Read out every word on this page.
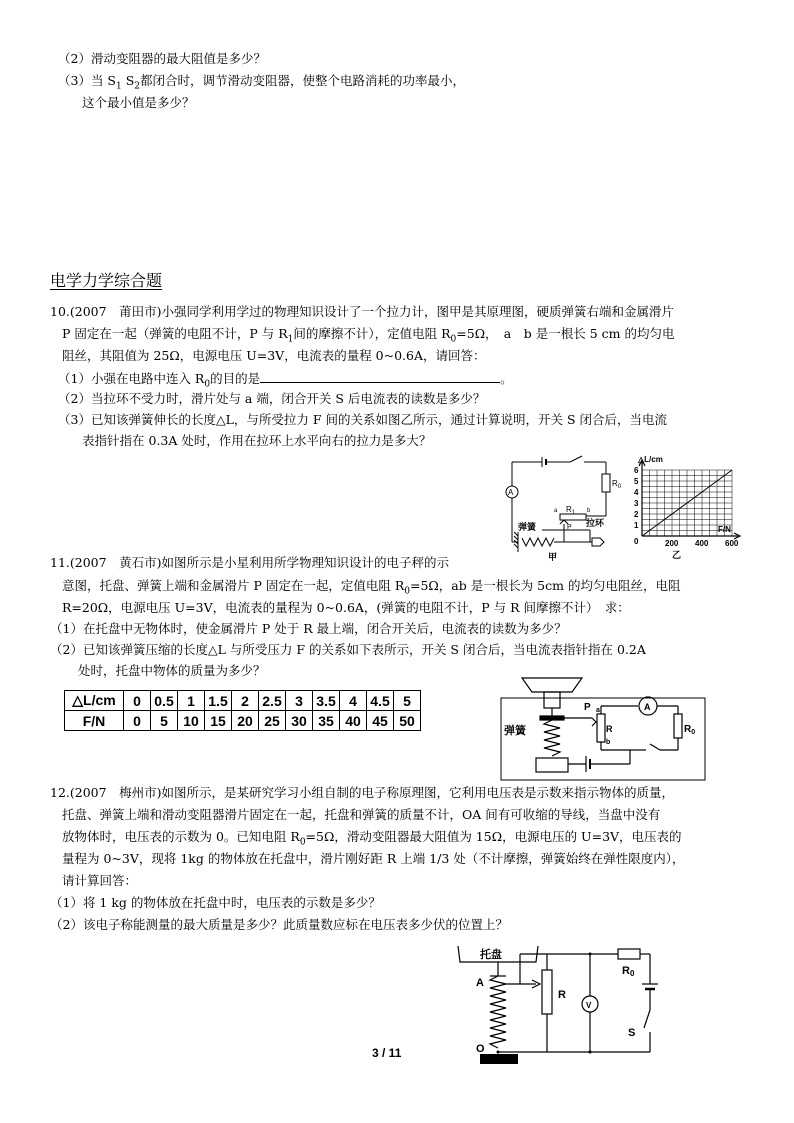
（2）滑动变阻器的最大阻值是多少？
（3）当 $S_1$ $S_2$都闭合时，调节滑动变阻器，使整个电路消耗的功率最小，
这个最小值是多少？
电学力学综合题
10.(2007　莆田市)小强同学利用学过的物理知识设计了一个拉力计，图甲是其原理图，硬质弹簧右端和金属滑片
P 固定在一起（弹簧的电阻不计，P 与 $R_1$间的摩擦不计），定值电阻 $R_0=5\Omega$，　a　b 是一根长 5 cm 的均匀电
阻丝，其阻值为 25Ω，电源电压 U=3V，电流表的量程 0~0.6A，请回答：
（1）小强在电路中连入 $R_0$的目的是	。
（2）当拉环不受力时，滑片处与 a 端，闭合开关 S 后电流表的读数是多少？
（3）已知该弹簧伸长的长度△L，与所受拉力 F 间的关系如图乙所示，通过计算说明，开关 S 闭合后，当电流
表指针指在 0.3A 处时，作用在拉环上水平向右的拉力是多大？
A
$R_0$
$R_1$
a	b
P
弹簧	拉环
甲
0
1
2
3
4
5
6
200 400 600
△L/cm
F/N
乙
11.(2007　黄石市)如图所示是小星利用所学物理知识设计的电子秤的示
意图，托盘、弹簧上端和金属滑片 P 固定在一起，定值电阻 $R_0=5\Omega$，ab 是一根长为 5cm 的均匀电阻丝，电阻
R=20Ω，电源电压 U=3V，电流表的量程为 0~0.6A，(弹簧的电阻不计，P 与 R 间摩擦不计）　求：
（1）在托盘中无物体时，使金属滑片 P 处于 R 最上端，闭合开关后，电流表的读数为多少？
（2）已知该弹簧压缩的长度△L 与所受压力 F 的关系如下表所示，开关 S 闭合后，当电流表指针指在 0.2A
处时，托盘中物体的质量为多少？
△L/cm	0	0.5	1	1.5	2	2.5	3	3.5	4	4.5	5
F/N	0	5	10	15	20	25	30	35	40	45	50
P a
R
b
A
$R_0$
弹簧
12.(2007　梅州市)如图所示，是某研究学习小组自制的电子称原理图，它利用电压表是示数来指示物体的质量，
托盘、弹簧上端和滑动变阻器滑片固定在一起，托盘和弹簧的质量不计，OA 间有可收缩的导线，当盘中没有
放物体时，电压表的示数为 0。已知电阻 $R_0=5\Omega$，滑动变阻器最大阻值为 15Ω，电源电压的 U=3V，电压表的
量程为 0~3V，现将 1kg 的物体放在托盘中，滑片刚好距 R 上端 1/3 处（不计摩擦，弹簧始终在弹性限度内），
请计算回答：
（1）将 1 kg 的物体放在托盘中时，电压表的示数是多少？
（2）该电子称能测量的最大质量是多少？此质量数应标在电压表多少伏的位置上？
A
O
R
V
R0
S
托盘
3 / 11
